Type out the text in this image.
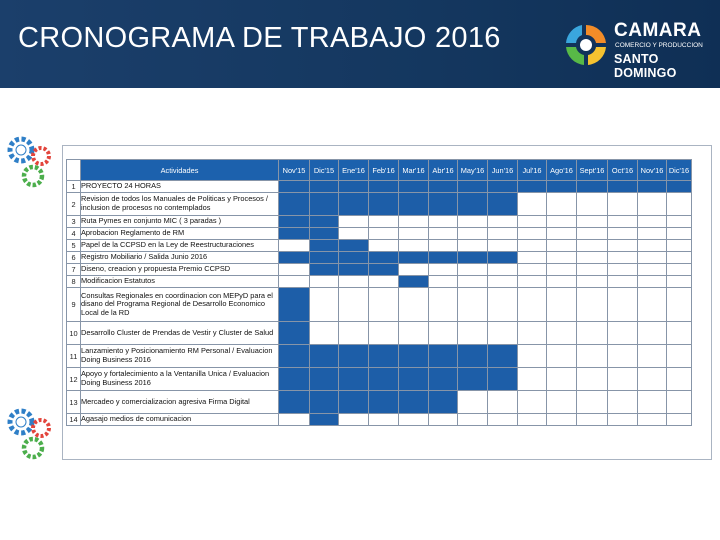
CRONOGRAMA DE TRABAJO 2016	CAMARA
COMERCIO Y PRODUCCION
SANTO DOMINGO
	Actividades	Nov'15	Dic'15	Ene'16	Feb'16	Mar'16	Abr'16	May'16	Jun'16	Jul'16	Ago'16	Sept'16	Oct'16	Nov'16	Dic'16
1	PROYECTO 24 HORAS														
2	Revision de todos los Manuales de Politicas y Procesos / inclusion de procesos no contemplados														
3	Ruta Pymes en conjunto MIC ( 3 paradas )														
4	Aprobacion Reglamento de RM														
5	Papel de la CCPSD en la Ley de Reestructuraciones														
6	Registro Mobiliario / Salida Junio 2016														
7	Diseno, creacion y propuesta Premio CCPSD														
8	Modificacion Estatutos														
9	Consultas Regionales en coordinacion con MEPyD para el disano del Programa Regional de Desarrollo Economico Local de la RD														
10	Desarrollo Cluster de Prendas de Vestir y Cluster de Salud														
11	Lanzamiento y Posicionamiento RM Personal / Evaluacion Doing Business 2016														
12	Apoyo y fortalecimiento a la Ventanilla Unica / Evaluacion Doing Business 2016														
13	Mercadeo y comercializacion agresiva Firma Digital														
14	Agasajo medios de comunicacion														
